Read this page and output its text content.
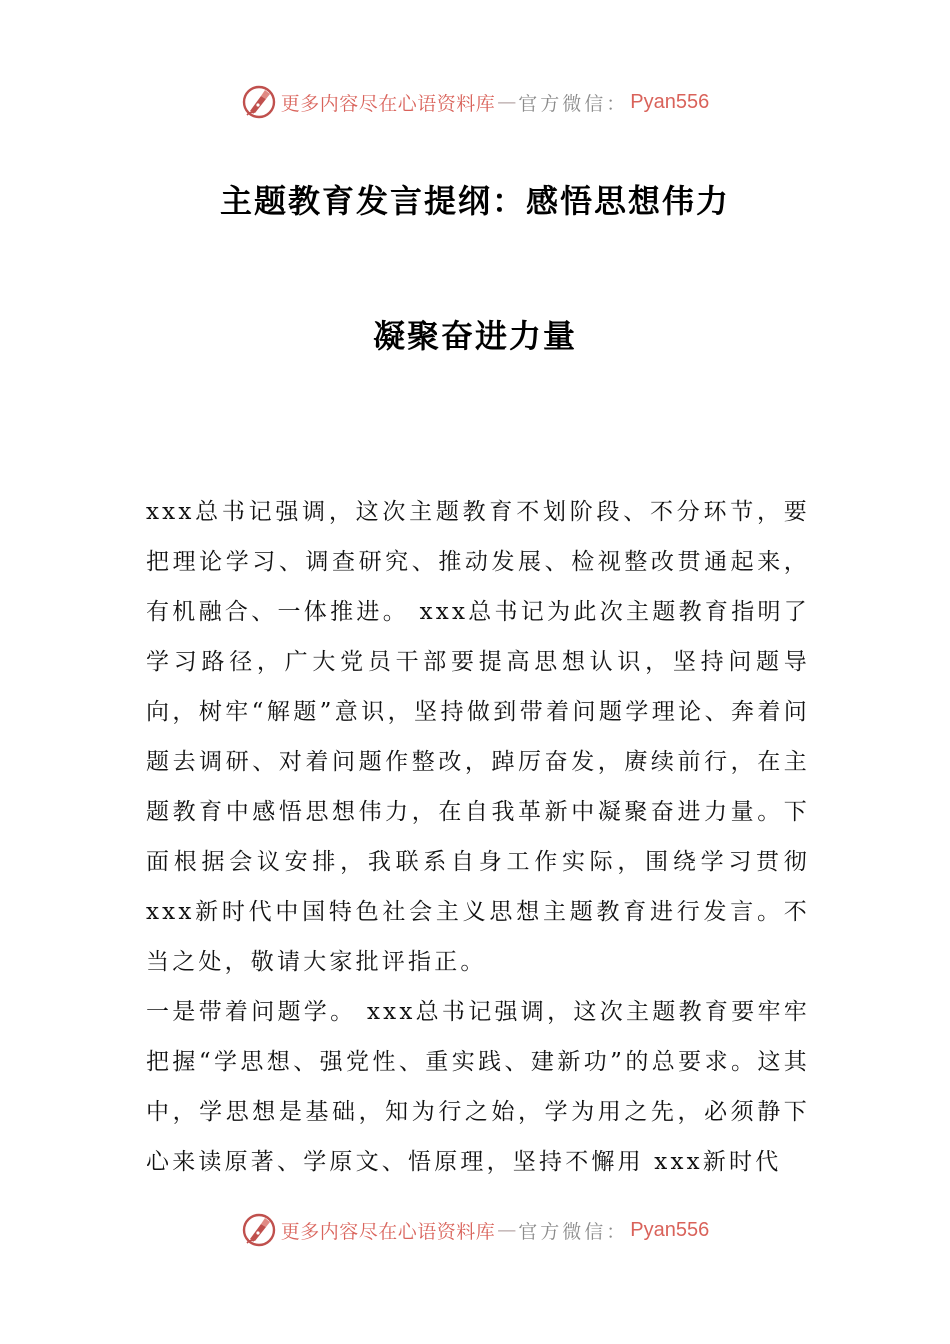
更多内容尽在心语资料库 — 官方微信： Pyan556
主题教育发言提纲：感悟思想伟力
凝聚奋进力量

xxx总书记强调，这次主题教育不划阶段、不分环节，要把理论学习、调查研究、推动发展、检视整改贯通起来，有机融合、一体推进。 xxx总书记为此次主题教育指明了学习路径，广大党员干部要提高思想认识，坚持问题导向，树牢“解题”意识，坚持做到带着问题学理论、奔着问题去调研、对着问题作整改，踔厉奋发，赓续前行，在主题教育中感悟思想伟力，在自我革新中凝聚奋进力量。下面根据会议安排，我联系自身工作实际，围绕学习贯彻 xxx新时代中国特色社会主义思想主题教育进行发言。不当之处，敬请大家批评指正。

一是带着问题学。 xxx总书记强调，这次主题教育要牢牢把握“学思想、强党性、重实践、建新功”的总要求。这其中，学思想是基础，知为行之始，学为用之先，必须静下心来读原著、学原文、悟原理，坚持不懈用 xxx新时代

更多内容尽在心语资料库 — 官方微信： Pyan556
